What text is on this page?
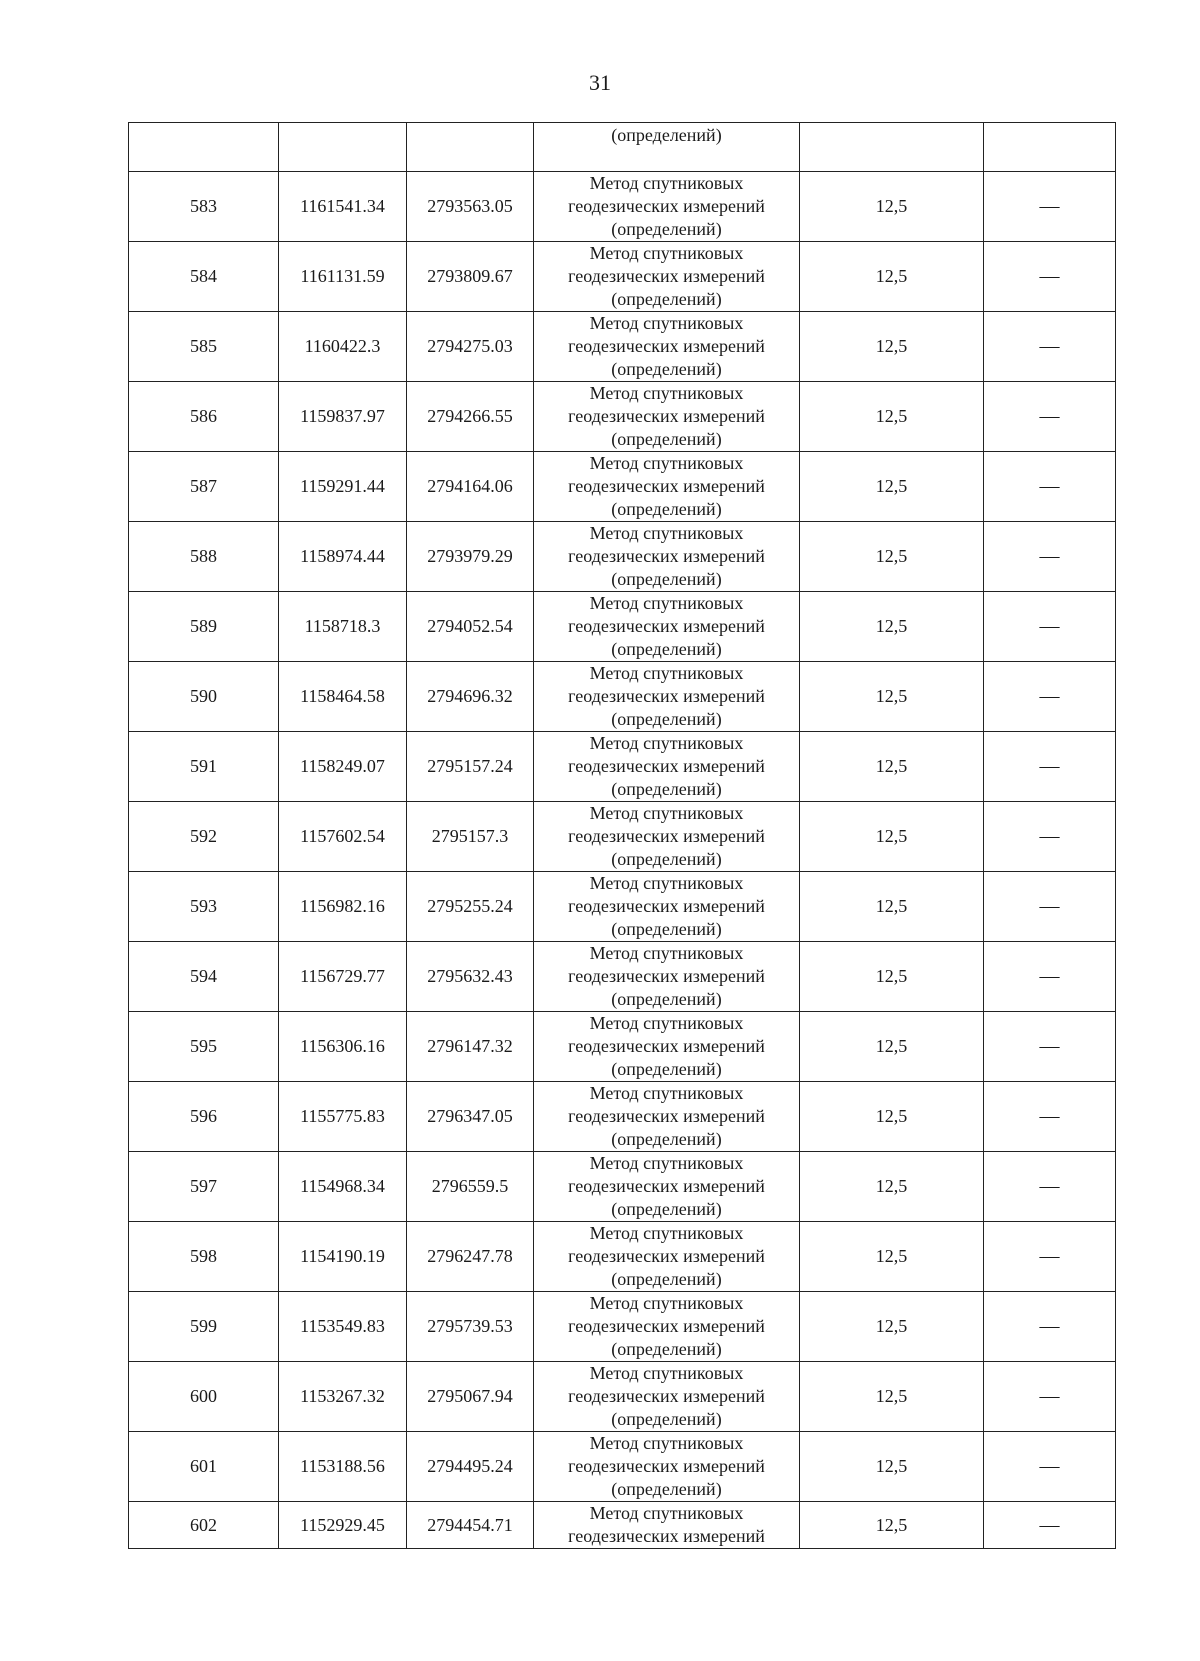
31
			(определений)		
583	1161541.34	2793563.05	Метод спутниковых
геодезических измерений
(определений)	12,5	—
584	1161131.59	2793809.67	Метод спутниковых
геодезических измерений
(определений)	12,5	—
585	1160422.3	2794275.03	Метод спутниковых
геодезических измерений
(определений)	12,5	—
586	1159837.97	2794266.55	Метод спутниковых
геодезических измерений
(определений)	12,5	—
587	1159291.44	2794164.06	Метод спутниковых
геодезических измерений
(определений)	12,5	—
588	1158974.44	2793979.29	Метод спутниковых
геодезических измерений
(определений)	12,5	—
589	1158718.3	2794052.54	Метод спутниковых
геодезических измерений
(определений)	12,5	—
590	1158464.58	2794696.32	Метод спутниковых
геодезических измерений
(определений)	12,5	—
591	1158249.07	2795157.24	Метод спутниковых
геодезических измерений
(определений)	12,5	—
592	1157602.54	2795157.3	Метод спутниковых
геодезических измерений
(определений)	12,5	—
593	1156982.16	2795255.24	Метод спутниковых
геодезических измерений
(определений)	12,5	—
594	1156729.77	2795632.43	Метод спутниковых
геодезических измерений
(определений)	12,5	—
595	1156306.16	2796147.32	Метод спутниковых
геодезических измерений
(определений)	12,5	—
596	1155775.83	2796347.05	Метод спутниковых
геодезических измерений
(определений)	12,5	—
597	1154968.34	2796559.5	Метод спутниковых
геодезических измерений
(определений)	12,5	—
598	1154190.19	2796247.78	Метод спутниковых
геодезических измерений
(определений)	12,5	—
599	1153549.83	2795739.53	Метод спутниковых
геодезических измерений
(определений)	12,5	—
600	1153267.32	2795067.94	Метод спутниковых
геодезических измерений
(определений)	12,5	—
601	1153188.56	2794495.24	Метод спутниковых
геодезических измерений
(определений)	12,5	—
602	1152929.45	2794454.71	Метод спутниковых
геодезических измерений	12,5	—
